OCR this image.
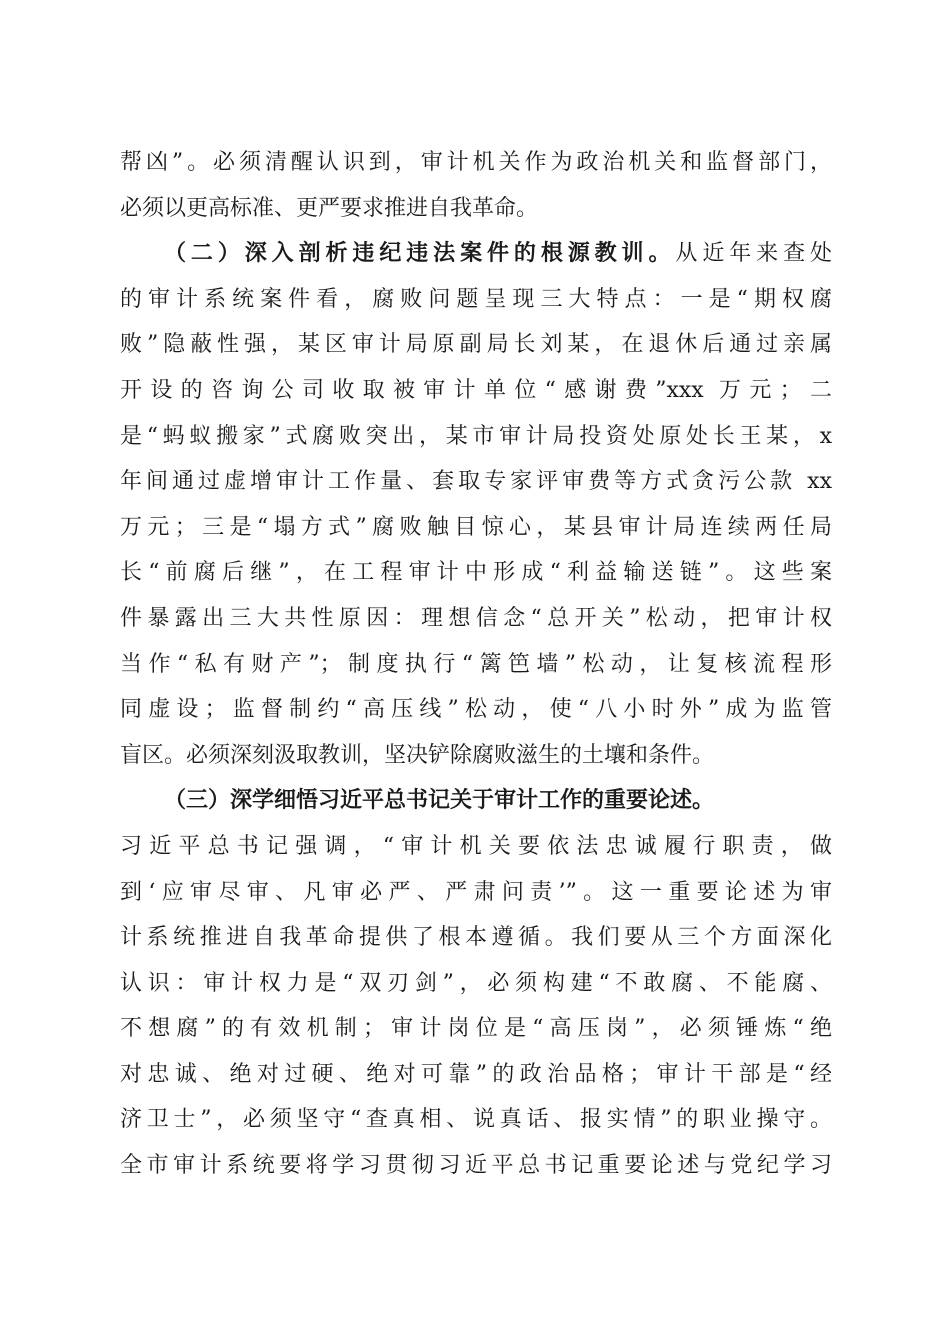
帮凶”。必须清醒认识到，审计机关作为政治机关和监督部门，
必须以更高标准、更严要求推进自我革命。
（二）深入剖析违纪违法案件的根源教训。从近年来查处
的审计系统案件看，腐败问题呈现三大特点：一是“期权腐
败”隐蔽性强，某区审计局原副局长刘某，在退休后通过亲属
开设的咨询公司收取被审计单位“感谢费”xxx 万元；二
是“蚂蚁搬家”式腐败突出，某市审计局投资处原处长王某，x
年间通过虚增审计工作量、套取专家评审费等方式贪污公款 xx
万元；三是“塌方式”腐败触目惊心，某县审计局连续两任局
长“前腐后继”，在工程审计中形成“利益输送链”。这些案
件暴露出三大共性原因：理想信念“总开关”松动，把审计权
当作“私有财产”；制度执行“篱笆墙”松动，让复核流程形
同虚设；监督制约“高压线”松动，使“八小时外”成为监管
盲区。必须深刻汲取教训，坚决铲除腐败滋生的土壤和条件。
（三）深学细悟习近平总书记关于审计工作的重要论述。
习近平总书记强调，“审计机关要依法忠诚履行职责，做
到‘应审尽审、凡审必严、严肃问责’”。这一重要论述为审
计系统推进自我革命提供了根本遵循。我们要从三个方面深化
认识：审计权力是“双刃剑”，必须构建“不敢腐、不能腐、
不想腐”的有效机制；审计岗位是“高压岗”，必须锤炼“绝
对忠诚、绝对过硬、绝对可靠”的政治品格；审计干部是“经
济卫士”，必须坚守“查真相、说真话、报实情”的职业操守。
全市审计系统要将学习贯彻习近平总书记重要论述与党纪学习
